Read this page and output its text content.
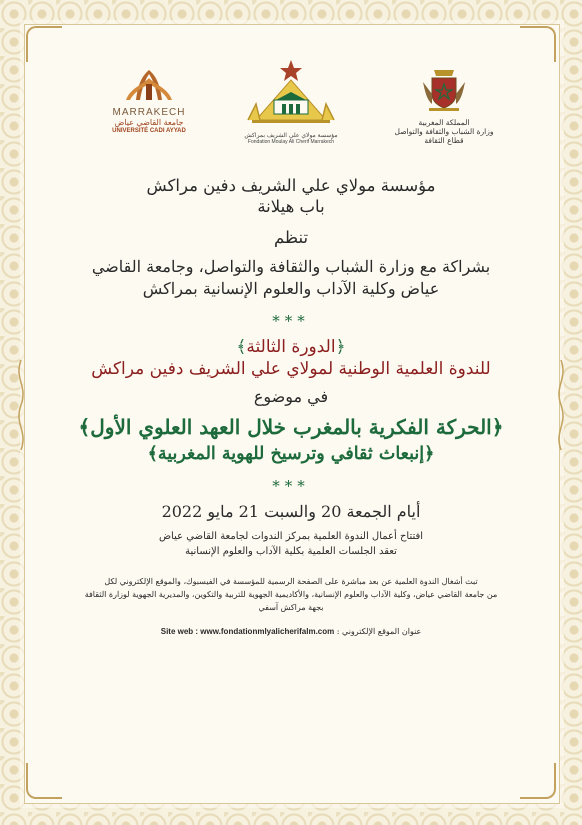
MARRAKECH
جامعة القاضي عياض
UNIVERSITÉ CADI AYYAD
مؤسسة مولاي علي الشريف بمراكش
Fondation Moulay Ali Cherif Marrakech
المملكة المغربية
وزارة الشباب والثقافة والتواصل
قطاع الثقافة
مؤسسة مولاي علي الشريف دفين مراكش
باب هيلانة
تنظم
بشراكة مع وزارة الشباب والثقافة والتواصل، وجامعة القاضي
عياض وكلية الآداب والعلوم الإنسانية بمراكش
***
﴿الدورة الثالثة﴾
للندوة العلمية الوطنية لمولاي علي الشريف دفين مراكش
في موضوع
﴿الحركة الفكرية بالمغرب خلال العهد العلوي الأول﴾
﴿إنبعاث ثقافي وترسيخ للهوية المغربية﴾
***
أيام الجمعة 20 والسبت 21 مايو 2022
افتتاح أعمال الندوة العلمية بمركز الندوات لجامعة القاضي عياض
تعقد الجلسات العلمية بكلية الآداب والعلوم الإنسانية
تبث أشغال الندوة العلمية عن بعد مباشرة على الصفحة الرسمية للمؤسسة في الفيسبوك، والموقع الإلكتروني لكل
من جامعة القاضي عياض، وكلية الآداب والعلوم الإنسانية، والأكاديمية الجهوية للتربية والتكوين، والمديرية الجهوية لوزارة الثقافة
بجهة مراكش آسفي
عنوان الموقع الإلكتروني : Site web : www.fondationmlyalicherifalm.com
